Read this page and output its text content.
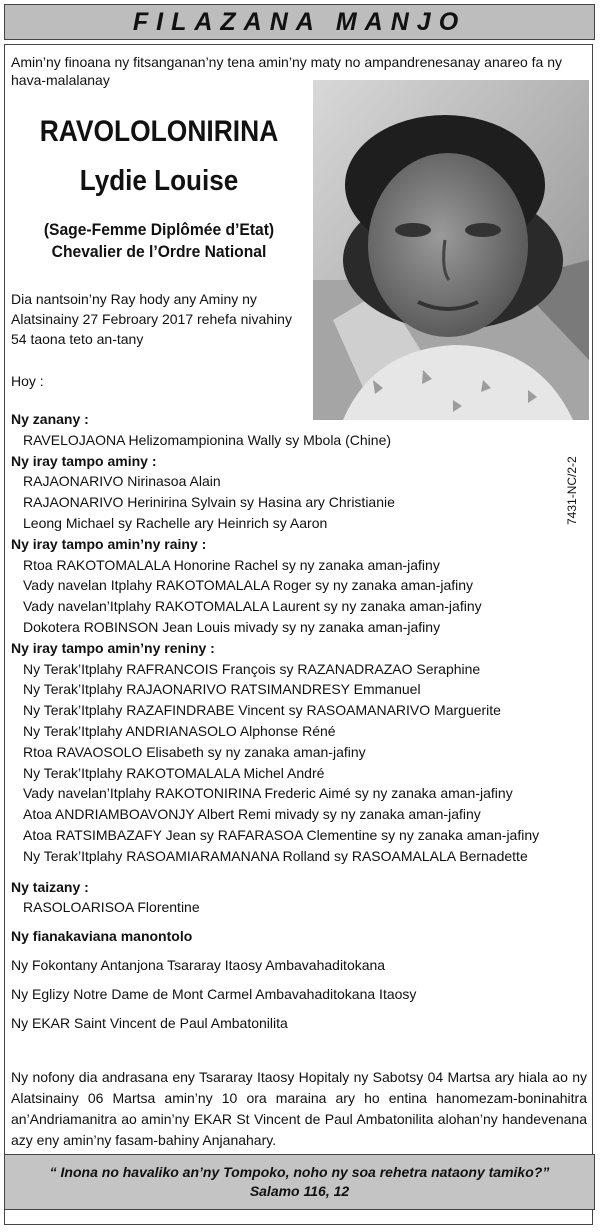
FILAZANA MANJO
Amin’ny finoana ny fitsanganan’ny tena amin’ny maty no ampandrenesanay anareo fa ny hava-malalanay
RAVOLOLONIRINA
Lydie Louise
(Sage-Femme Diplômée d’Etat)
Chevalier de l’Ordre National
Dia nantsoin’ny Ray hody any Aminy ny Alatsinainy 27 Febroary 2017 rehefa nivahiny 54 taona teto an-tany
Hoy :
Ny zanany :
RAVELOJAONA Helizomampionina Wally sy Mbola (Chine)
Ny iray tampo aminy :
RAJAONARIVO Nirinasoa Alain
RAJAONARIVO Herinirina Sylvain sy Hasina ary Christianie
Leong Michael sy Rachelle ary Heinrich sy Aaron
Ny iray tampo amin’ny rainy :
Rtoa RAKOTOMALALA Honorine Rachel sy ny zanaka aman-jafiny
Vady navelan Itplahy RAKOTOMALALA Roger sy ny zanaka aman-jafiny
Vady navelan’Itplahy RAKOTOMALALA Laurent sy ny zanaka aman-jafiny
Dokotera ROBINSON Jean Louis mivady sy ny zanaka aman-jafiny
Ny iray tampo amin’ny reniny :
Ny Terak’Itplahy RAFRANCOIS François sy RAZANADRAZAO Seraphine
Ny Terak’Itplahy RAJAONARIVO RATSIMANDRESY Emmanuel
Ny Terak’Itplahy RAZAFINDRABE Vincent sy RASOAMANARIVO Marguerite
Ny Terak’Itplahy ANDRIANASOLO Alphonse Réné
Rtoa RAVAOSOLO Elisabeth sy ny zanaka aman-jafiny
Ny Terak’Itplahy RAKOTOMALALA Michel André
Vady navelan’Itplahy RAKOTONIRINA Frederic Aimé sy ny zanaka aman-jafiny
Atoa ANDRIAMBOAVONJY Albert Remi mivady sy ny zanaka aman-jafiny
Atoa RATSIMBAZAFY Jean sy RAFARASOA Clementine sy ny zanaka aman-jafiny
Ny Terak’Itplahy RASOAMIARAMANANA Rolland sy RASOAMALALA Bernadette
Ny taizany :
RASOLOARISOA Florentine
Ny fianakaviana manontolo
Ny Fokontany Antanjona Tsararay Itaosy Ambavahaditokana
Ny Eglizy Notre Dame de Mont Carmel Ambavahaditokana Itaosy
Ny EKAR Saint Vincent de Paul Ambatonilita
7431-NC/2-2
Ny nofony dia andrasana eny Tsararay Itaosy Hopitaly ny Sabotsy 04 Martsa ary hiala ao ny Alatsinainy 06 Martsa amin’ny 10 ora maraina ary ho entina hanomezam-boninahitra an’Andriamanitra ao amin’ny EKAR St Vincent de Paul Ambatonilita alohan’ny handevenana azy eny amin’ny fasam-bahiny Anjanahary.
“ Inona no havaliko an’ny Tompoko, noho ny soa rehetra nataony tamiko?”
Salamo 116, 12
